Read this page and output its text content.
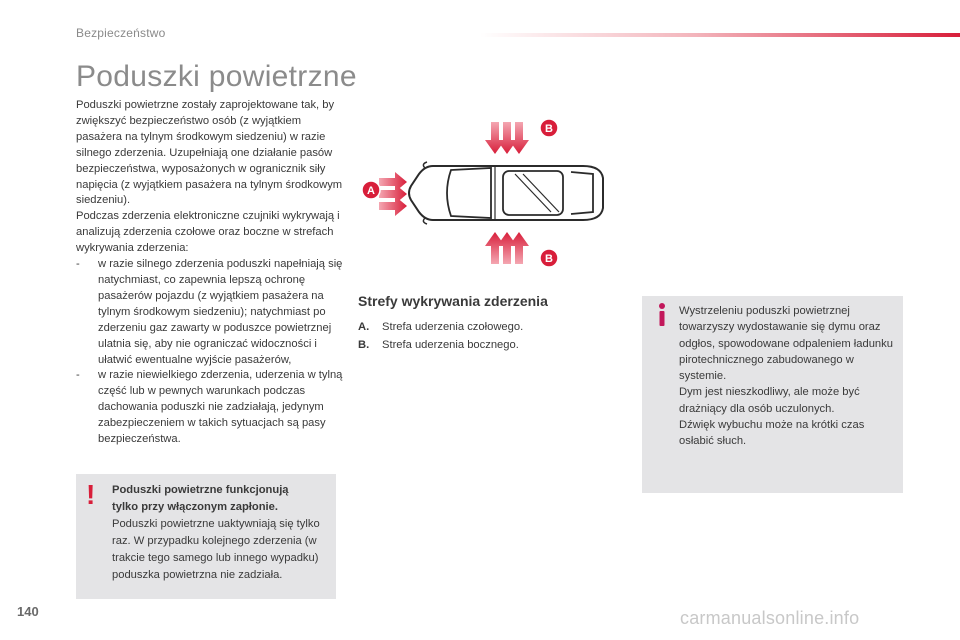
Bezpieczeństwo
Poduszki powietrzne

Poduszki powietrzne zostały zaprojektowane tak, by zwiększyć bezpieczeństwo osób (z wyjątkiem pasażera na tylnym środkowym siedzeniu) w razie silnego zderzenia. Uzupełniają one działanie pasów bezpieczeństwa, wyposażonych w ogranicznik siły napięcia (z wyjątkiem pasażera na tylnym środkowym siedzeniu).

Podczas zderzenia elektroniczne czujniki wykrywają i analizują zderzenia czołowe oraz boczne w strefach wykrywania zderzenia:

- w razie silnego zderzenia poduszki napełniają się natychmiast, co zapewnia lepszą ochronę pasażerów pojazdu (z wyjątkiem pasażera na tylnym środkowym siedzeniu); natychmiast po zderzeniu gaz zawarty w poduszce powietrznej ulatnia się, aby nie ograniczać widoczności i ułatwić ewentualne wyjście pasażerów,
- w razie niewielkiego zderzenia, uderzenia w tylną część lub w pewnych warunkach podczas dachowania poduszki nie zadziałają, jedynym zabezpieczeniem w takich sytuacjach są pasy bezpieczeństwa.
! Poduszki powietrzne funkcjonują

tylko przy włączonym zapłonie.

Poduszki powietrzne uaktywniają się tylko raz. W przypadku kolejnego zderzenia (w trakcie tego samego lub innego wypadku) poduszka powietrzna nie zadziała.

A
B
B
Strefy wykrywania zderzenia
A. Strefa uderzenia czołowego.
B. Strefa uderzenia bocznego.

Wystrzeleniu poduszki powietrznej towarzyszy wydostawanie się dymu oraz odgłos, spowodowane odpaleniem ładunku pirotechnicznego zabudowanego w systemie.

Dym jest nieszkodliwy, ale może być drażniący dla osób uczulonych.

Dźwięk wybuchu może na krótki czas osłabić słuch.

140	carmanualsonline.info
